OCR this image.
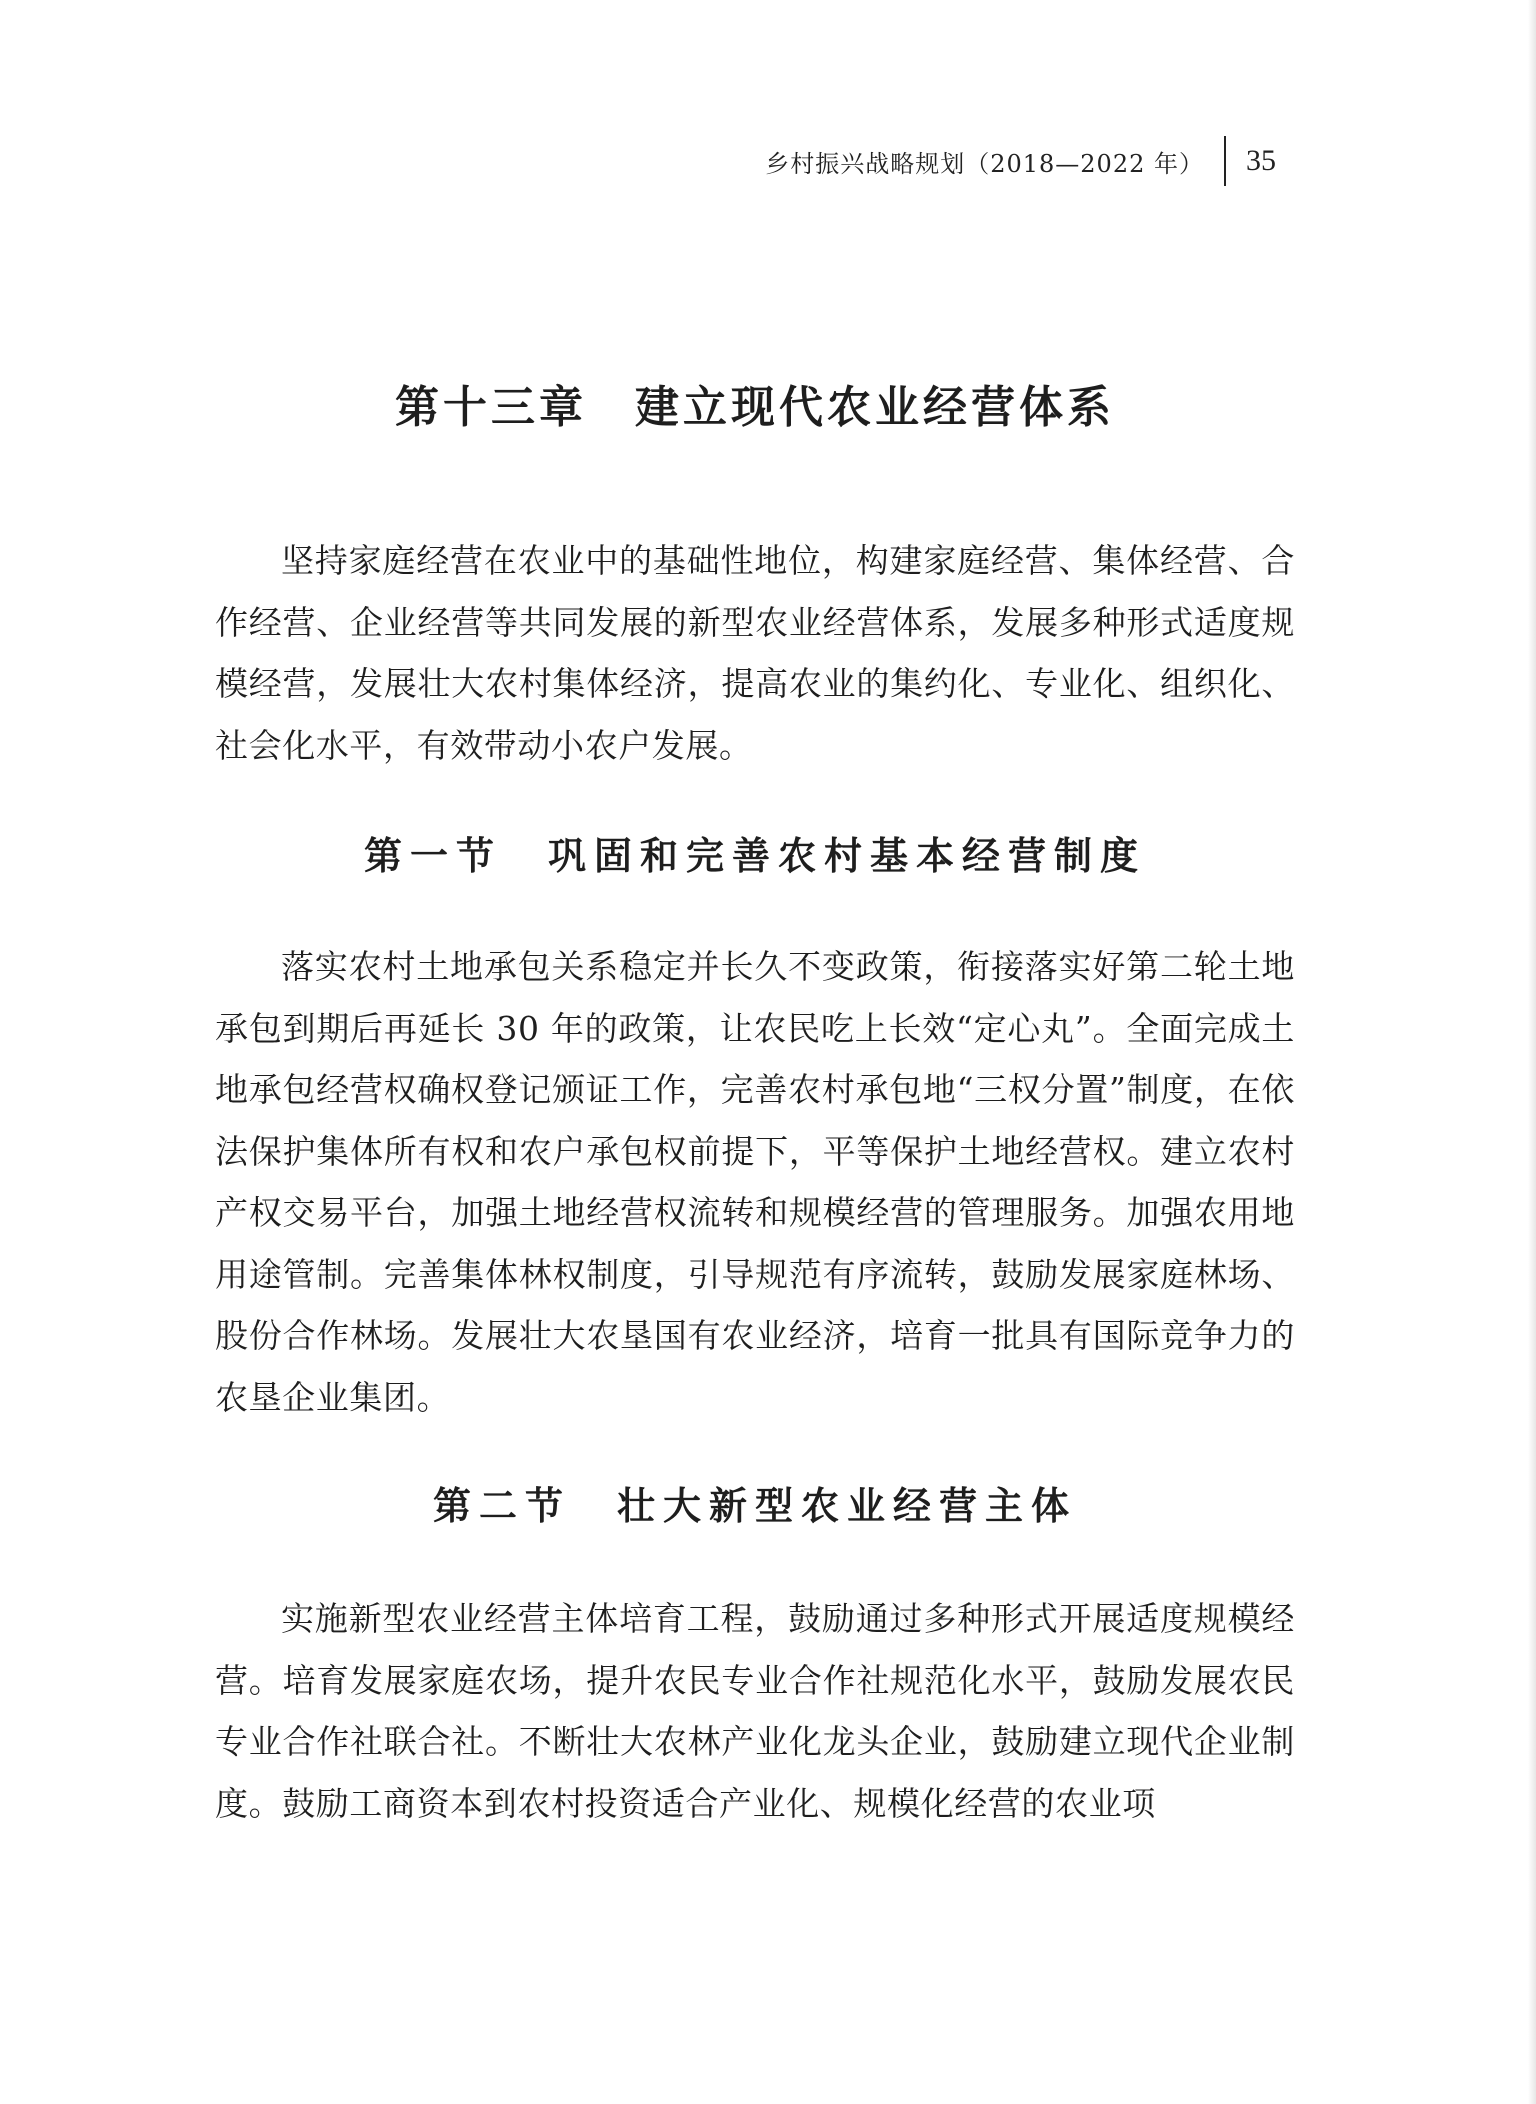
乡村振兴战略规划（2018—2022 年）	35
第十三章　建立现代农业经营体系

坚持家庭经营在农业中的基础性地位，构建家庭经营、集体经营、合作经营、企业经营等共同发展的新型农业经营体系，发展多种形式适度规模经营，发展壮大农村集体经济，提高农业的集约化、专业化、组织化、社会化水平，有效带动小农户发展。

第一节　巩固和完善农村基本经营制度

落实农村土地承包关系稳定并长久不变政策，衔接落实好第二轮土地承包到期后再延长 30 年的政策，让农民吃上长效“定心丸”。全面完成土地承包经营权确权登记颁证工作，完善农村承包地“三权分置”制度，在依法保护集体所有权和农户承包权前提下，平等保护土地经营权。建立农村产权交易平台，加强土地经营权流转和规模经营的管理服务。加强农用地用途管制。完善集体林权制度，引导规范有序流转，鼓励发展家庭林场、股份合作林场。发展壮大农垦国有农业经济，培育一批具有国际竞争力的农垦企业集团。

第二节　壮大新型农业经营主体

实施新型农业经营主体培育工程，鼓励通过多种形式开展适度规模经营。培育发展家庭农场，提升农民专业合作社规范化水平，鼓励发展农民专业合作社联合社。不断壮大农林产业化龙头企业，鼓励建立现代企业制度。鼓励工商资本到农村投资适合产业化、规模化经营的农业项
